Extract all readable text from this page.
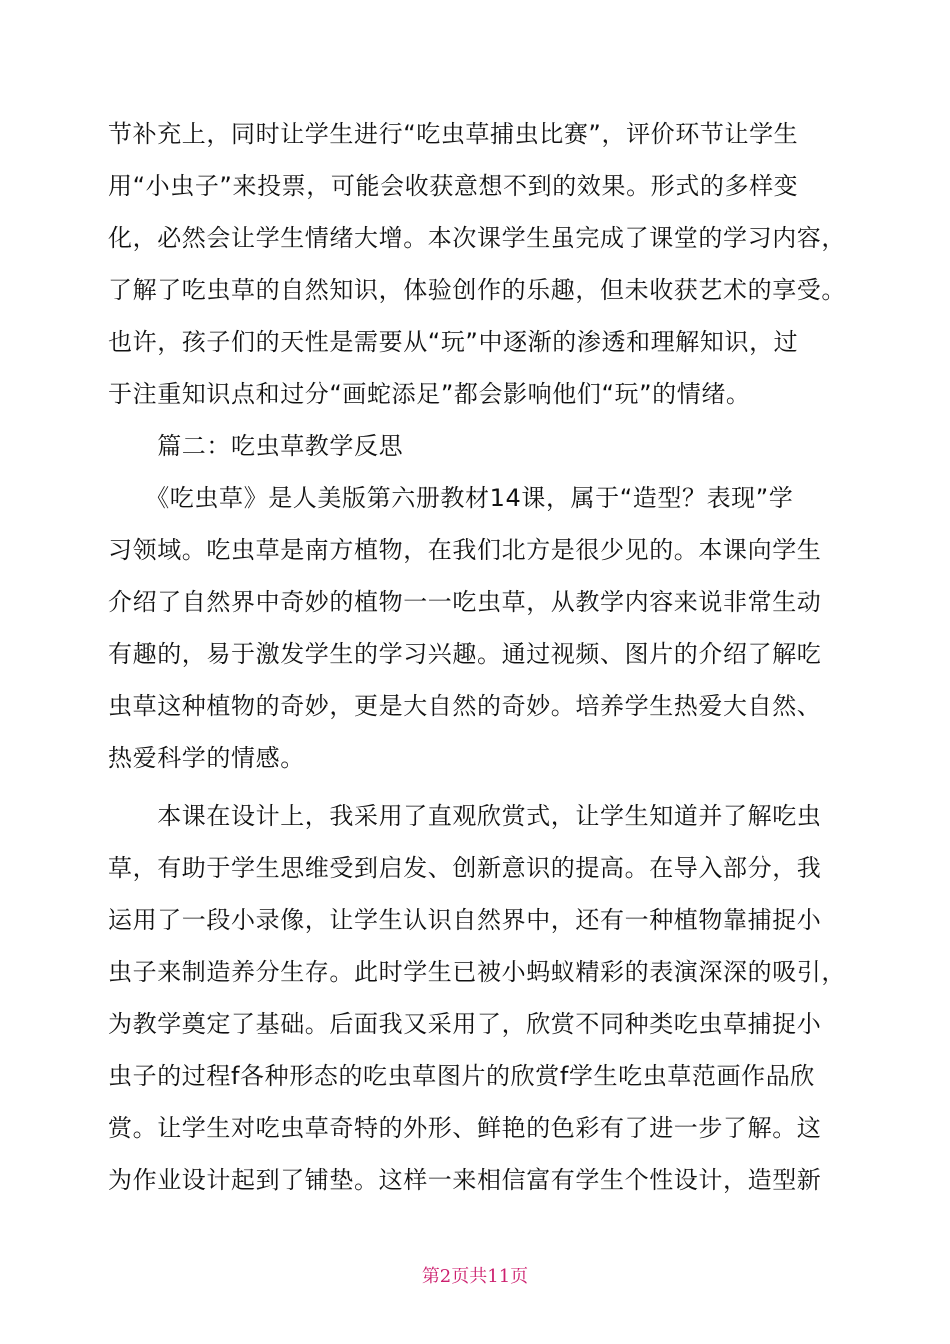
节补充上，同时让学生进行“吃虫草捕虫比赛”，评价环节让学生

用“小虫子”来投票，可能会收获意想不到的效果。形式的多样变

化，必然会让学生情绪大增。本次课学生虽完成了课堂的学习内容，

了解了吃虫草的自然知识，体验创作的乐趣，但未收获艺术的享受。

也许，孩子们的天性是需要从“玩”中逐渐的渗透和理解知识，过

于注重知识点和过分“画蛇添足”都会影响他们“玩”的情绪。

　　篇二：吃虫草教学反思

　　《吃虫草》是人美版第六册教材14课，属于“造型？表现”学

习领域。吃虫草是南方植物，在我们北方是很少见的。本课向学生

介绍了自然界中奇妙的植物一一吃虫草，从教学内容来说非常生动

有趣的，易于激发学生的学习兴趣。通过视频、图片的介绍了解吃

虫草这种植物的奇妙，更是大自然的奇妙。培养学生热爱大自然、

热爱科学的情感。

　　本课在设计上，我采用了直观欣赏式，让学生知道并了解吃虫

草，有助于学生思维受到启发、创新意识的提高。在导入部分，我

运用了一段小录像，让学生认识自然界中，还有一种植物靠捕捉小

虫子来制造养分生存。此时学生已被小蚂蚁精彩的表演深深的吸引，

为教学奠定了基础。后面我又采用了，欣赏不同种类吃虫草捕捉小

虫子的过程f各种形态的吃虫草图片的欣赏f学生吃虫草范画作品欣

赏。让学生对吃虫草奇特的外形、鲜艳的色彩有了进一步了解。这

为作业设计起到了铺垫。这样一来相信富有学生个性设计，造型新

第2页共11页
